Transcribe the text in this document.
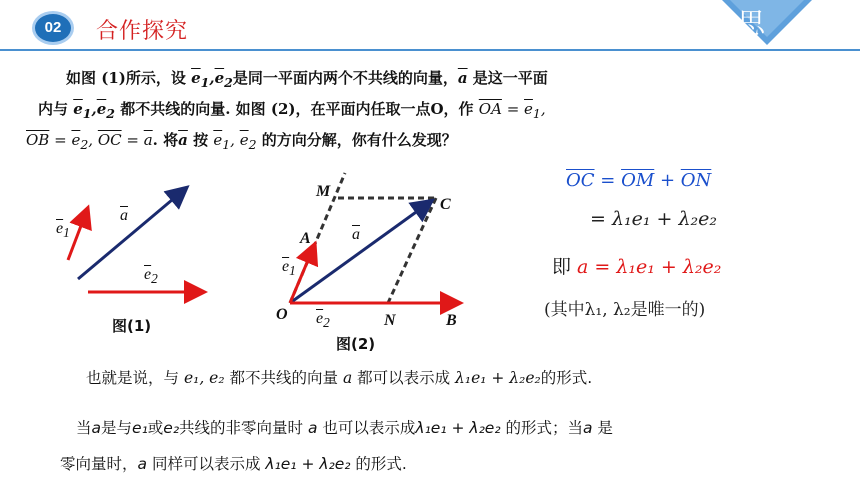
02	合作探究	思
如图 (1)所示，设 $\overline{e}_1,\overline{e}_2$是同一平面内两个不共线的向量，$\overline{a}$ 是这一平面
内与 $\overline{e}_1,\overline{e}_2$ 都不共线的向量. 如图 (2)，在平面内任取一点O，作 $\overline{OA} = \overline{e}_1$,
$\overline{OB} = \overline{e}_2$, $\overline{OC} = \overline{a}$. 将$\overline{a}$ 按 $\overline{e}_1$, $\overline{e}_2$ 的方向分解，你有什么发现？
$\overline{e}_1$
$\overline{a}$
$\overline{e}_2$
图(1)
M
C
A	$\overline{a}$
$\overline{e}_1$
O $\overline{e}_2$	N	B
图(2)
$\overline{OC} = \overline{OM} + \overline{ON}$
= λ₁e₁ + λ₂e₂
即 a = λ₁e₁ + λ₂e₂
(其中λ₁, λ₂是唯一的)
也就是说，与 e₁, e₂ 都不共线的向量 a 都可以表示成 λ₁e₁ + λ₂e₂的形式.
当a是与e₁或e₂共线的非零向量时 a 也可以表示成λ₁e₁ + λ₂e₂ 的形式；当a 是
零向量时，a 同样可以表示成 λ₁e₁ + λ₂e₂ 的形式.
